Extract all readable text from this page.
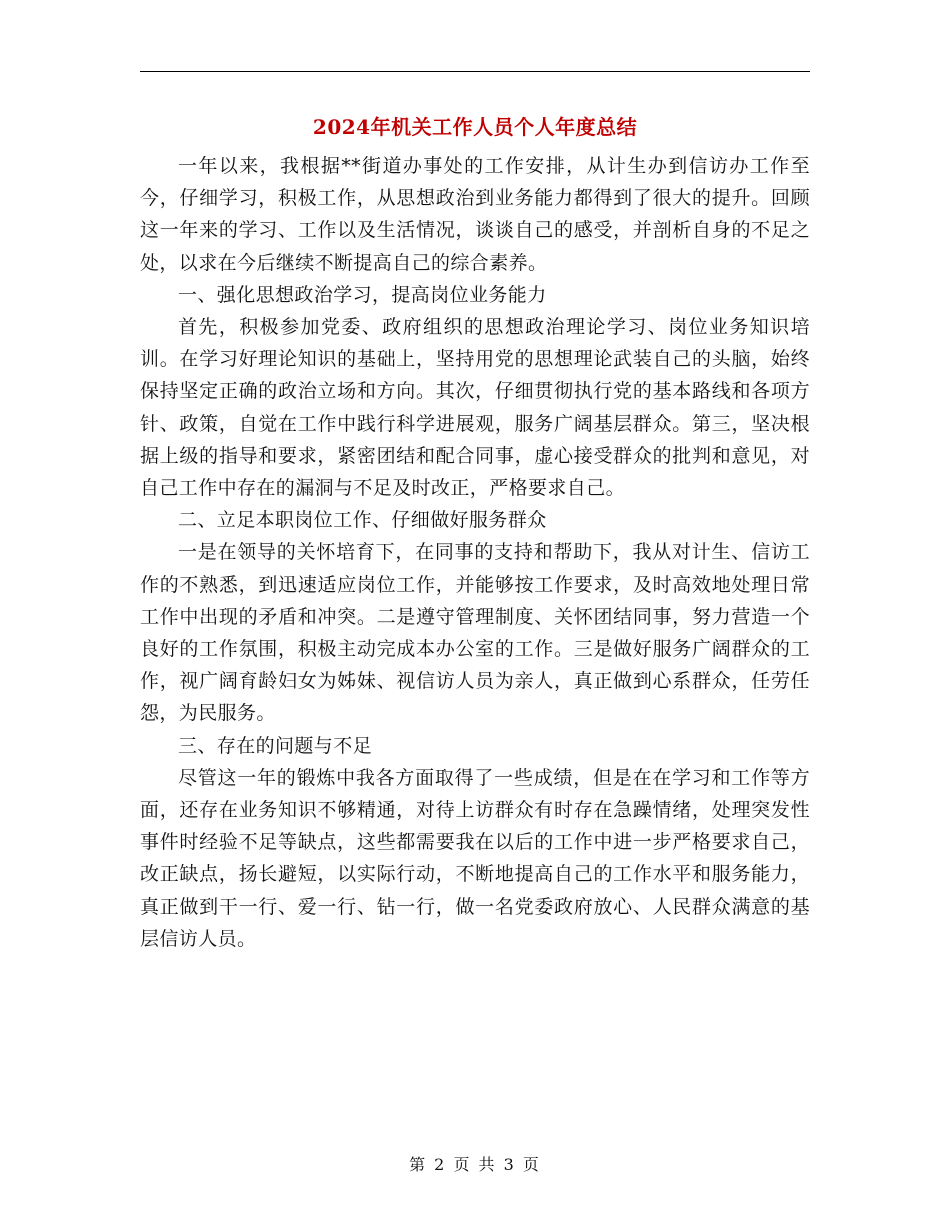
2024年机关工作人员个人年度总结

一年以来，我根据**街道办事处的工作安排，从计生办到信访办工作至今，仔细学习，积极工作，从思想政治到业务能力都得到了很大的提升。回顾这一年来的学习、工作以及生活情况，谈谈自己的感受，并剖析自身的不足之处，以求在今后继续不断提高自己的综合素养。

一、强化思想政治学习，提高岗位业务能力

首先，积极参加党委、政府组织的思想政治理论学习、岗位业务知识培训。在学习好理论知识的基础上，坚持用党的思想理论武装自己的头脑，始终保持坚定正确的政治立场和方向。其次，仔细贯彻执行党的基本路线和各项方针、政策，自觉在工作中践行科学进展观，服务广阔基层群众。第三，坚决根据上级的指导和要求，紧密团结和配合同事，虚心接受群众的批判和意见，对自己工作中存在的漏洞与不足及时改正，严格要求自己。

二、立足本职岗位工作、仔细做好服务群众

一是在领导的关怀培育下，在同事的支持和帮助下，我从对计生、信访工作的不熟悉，到迅速适应岗位工作，并能够按工作要求，及时高效地处理日常工作中出现的矛盾和冲突。二是遵守管理制度、关怀团结同事，努力营造一个良好的工作氛围，积极主动完成本办公室的工作。三是做好服务广阔群众的工作，视广阔育龄妇女为姊妹、视信访人员为亲人，真正做到心系群众，任劳任怨，为民服务。

三、存在的问题与不足

尽管这一年的锻炼中我各方面取得了一些成绩，但是在在学习和工作等方面，还存在业务知识不够精通，对待上访群众有时存在急躁情绪，处理突发性事件时经验不足等缺点，这些都需要我在以后的工作中进一步严格要求自己，改正缺点，扬长避短，以实际行动，不断地提高自己的工作水平和服务能力，真正做到干一行、爱一行、钻一行，做一名党委政府放心、人民群众满意的基层信访人员。

第 2 页 共 3 页
